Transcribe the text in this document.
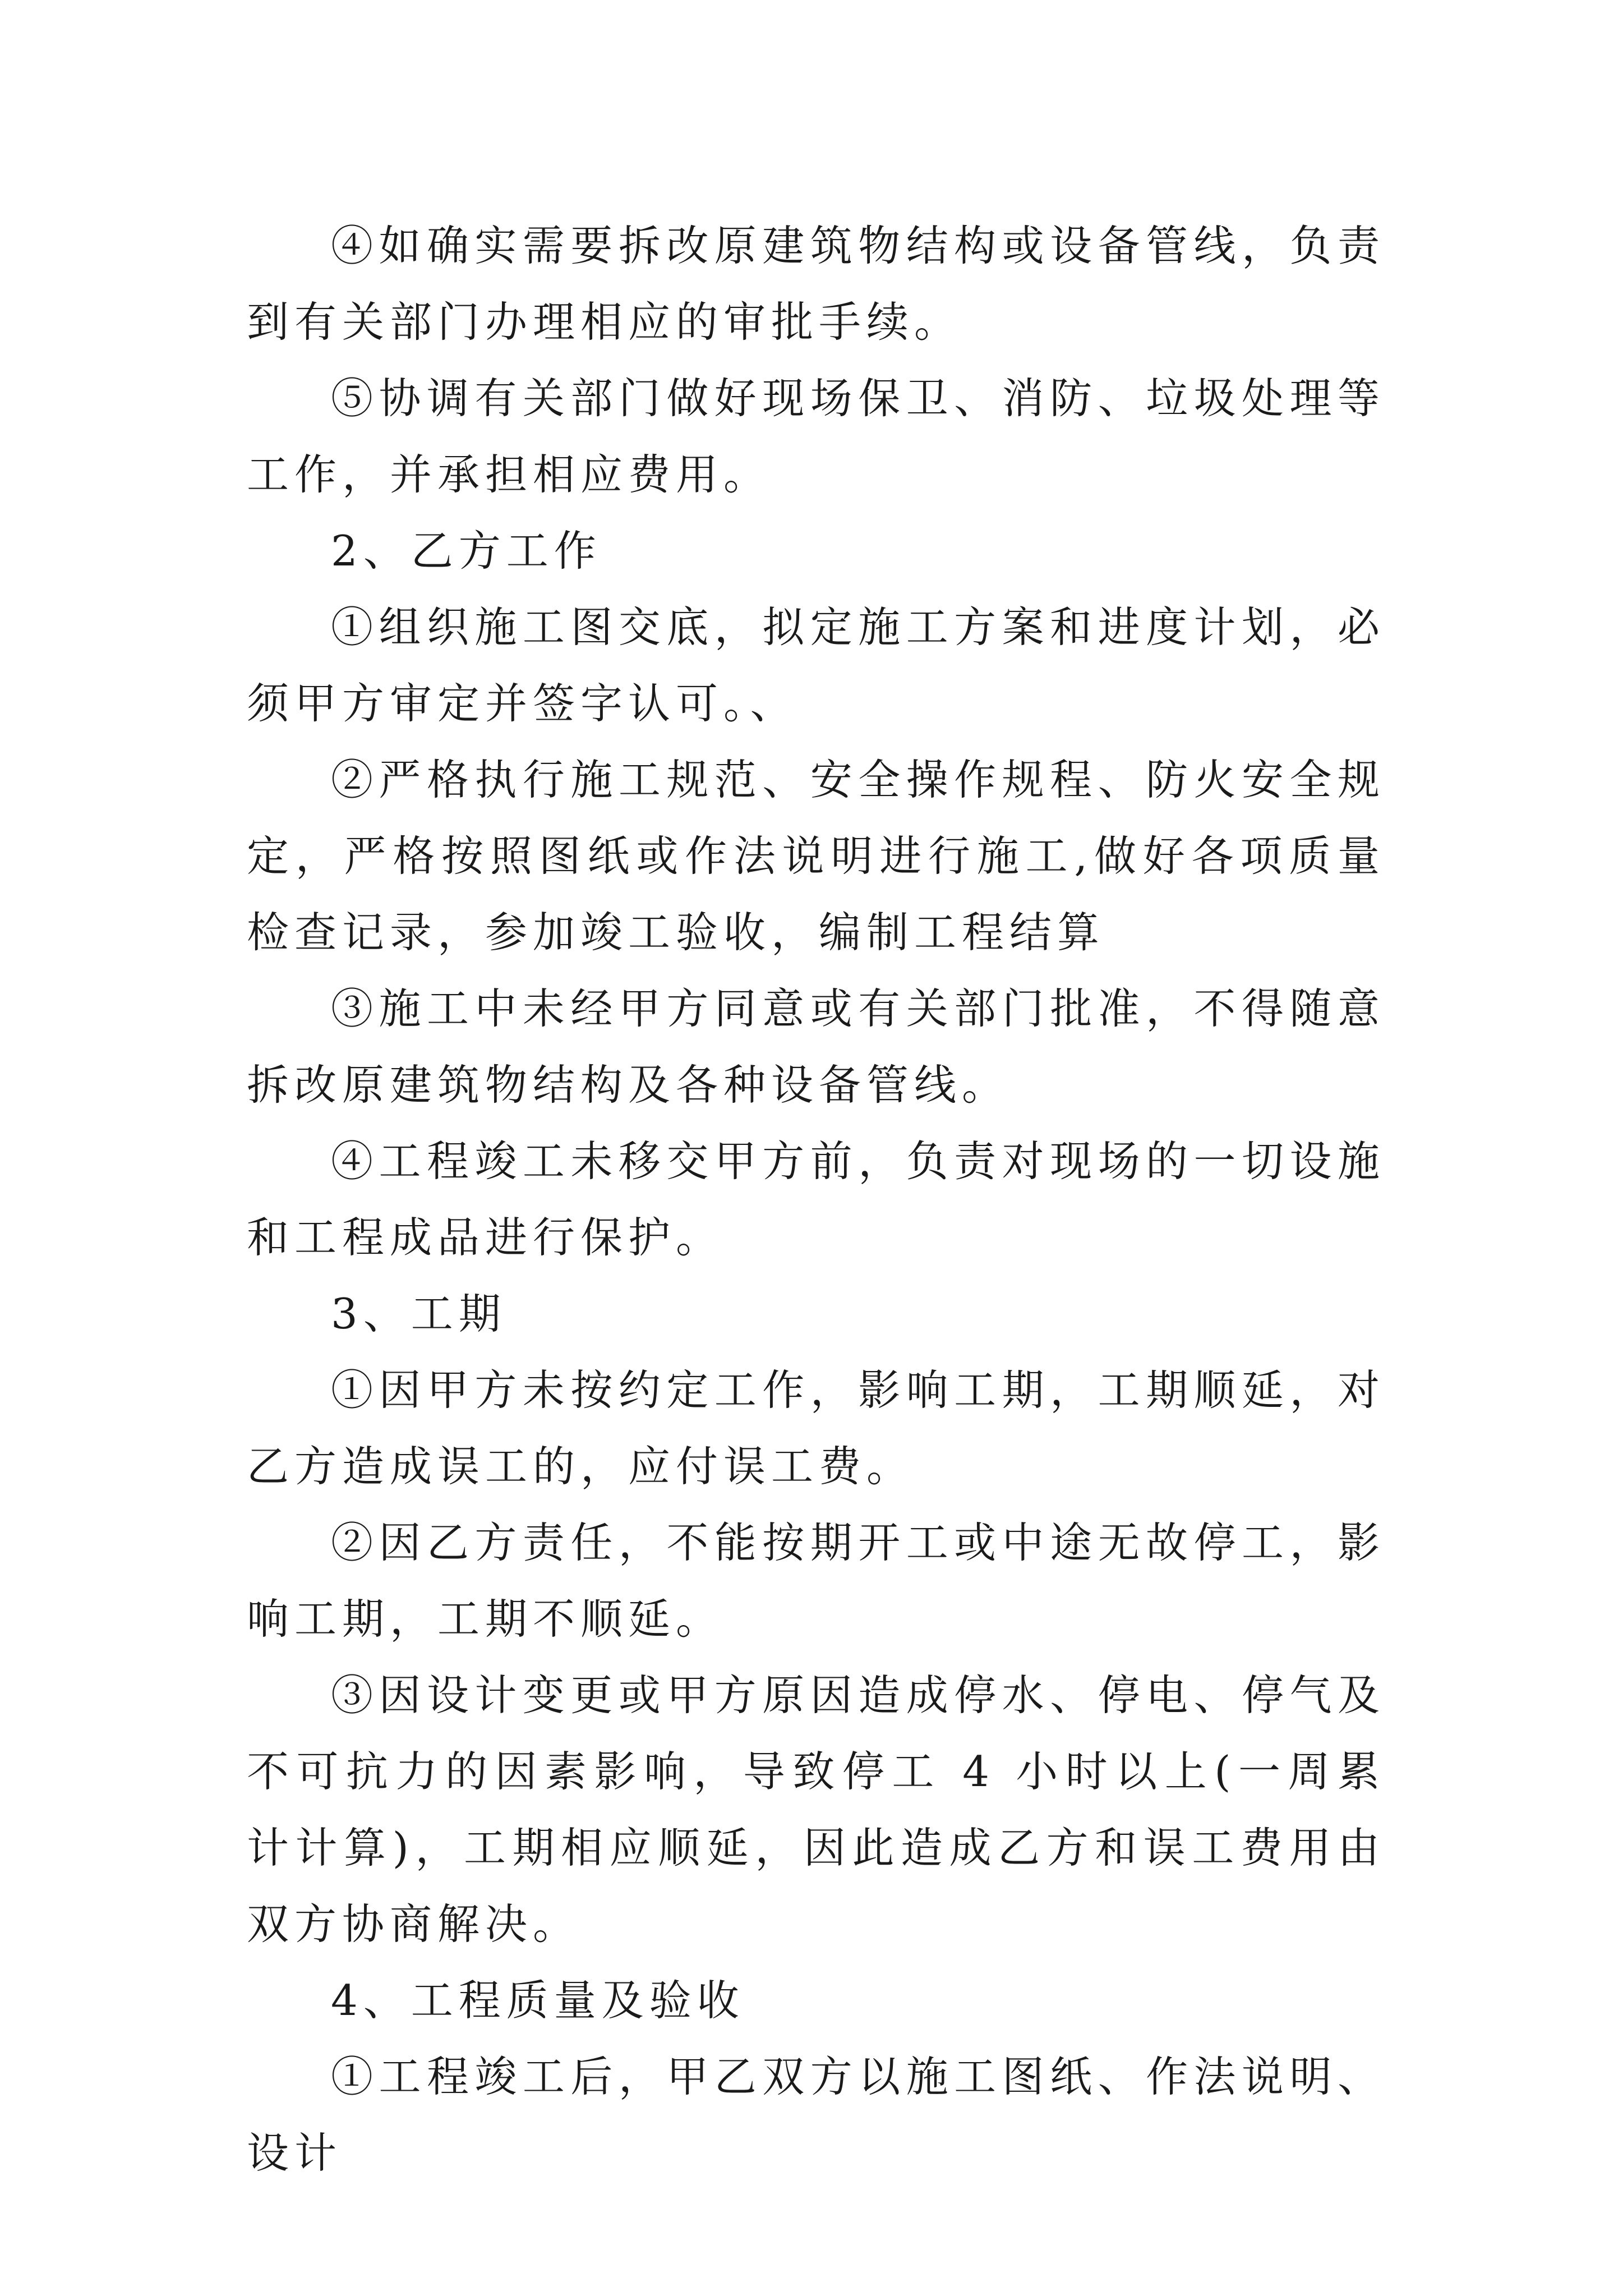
④如确实需要拆改原建筑物结构或设备管线，负责到有关部门办理相应的审批手续。

⑤协调有关部门做好现场保卫、消防、垃圾处理等工作，并承担相应费用。

2、乙方工作

①组织施工图交底，拟定施工方案和进度计划，必须甲方审定并签字认可。、

②严格执行施工规范、安全操作规程、防火安全规定，严格按照图纸或作法说明进行施工,做好各项质量检查记录，参加竣工验收，编制工程结算

③施工中未经甲方同意或有关部门批准，不得随意拆改原建筑物结构及各种设备管线。

④工程竣工未移交甲方前，负责对现场的一切设施和工程成品进行保护。

3、工期

①因甲方未按约定工作，影响工期，工期顺延，对乙方造成误工的，应付误工费。

②因乙方责任，不能按期开工或中途无故停工，影响工期，工期不顺延。

③因设计变更或甲方原因造成停水、停电、停气及不可抗力的因素影响，导致停工 4 小时以上(一周累计计算)，工期相应顺延，因此造成乙方和误工费用由双方协商解决。

4、工程质量及验收

①工程竣工后，甲乙双方以施工图纸、作法说明、设计
